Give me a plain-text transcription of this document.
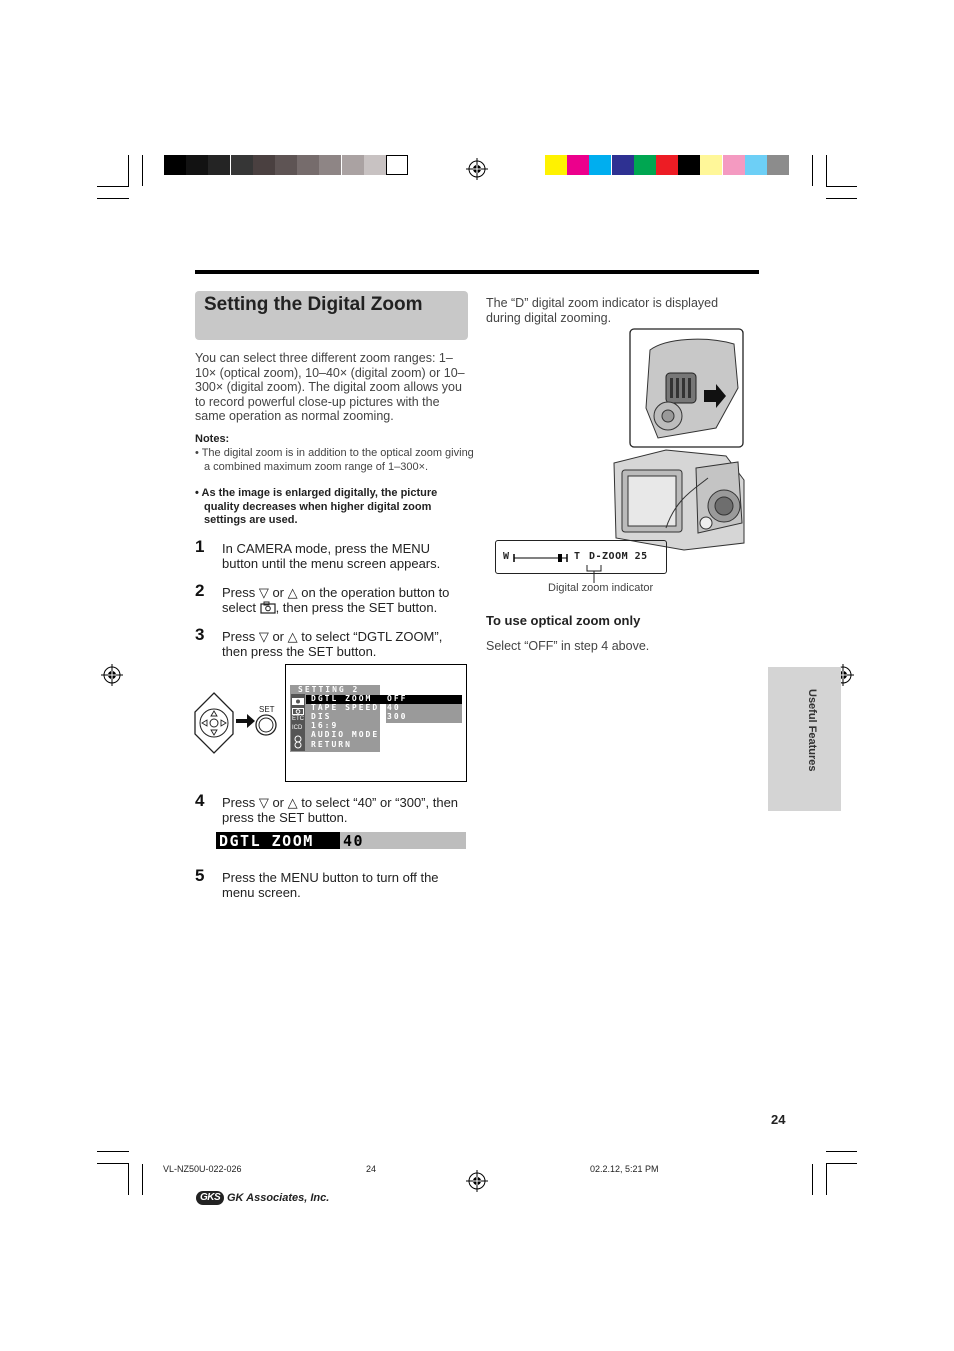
Setting the Digital Zoom
You can select three different zoom ranges: 1–10× (optical zoom), 10–40× (digital zoom) or 10–300× (digital zoom). The digital zoom allows you to record powerful close-up pictures with the same operation as normal zooming.
Notes:
• The digital zoom is in addition to the optical zoom giving a combined maximum zoom range of 1–300×.
• As the image is enlarged digitally, the picture quality decreases when higher digital zoom settings are used.
1 In CAMERA mode, press the MENU button until the menu screen appears.
2 Press ▽ or △ on the operation button to select , then press the SET button.
3 Press ▽ or △ to select “DGTL ZOOM”, then press the SET button.
SET
SETTING 2
ETC
ICD
DGTL ZOOM
TAPE SPEED
DIS
16:9
AUDIO MODE
RETURN
OFF
40
300
4 Press ▽ or △ to select “40” or “300”, then press the SET button.
DGTL ZOOM 40
5 Press the MENU button to turn off the menu screen.
The “D” digital zoom indicator is displayed during digital zooming.
W	T D-ZOOM 25
Digital zoom indicator
To use optical zoom only
Select “OFF” in step 4 above.
Useful Features
24
VL-NZ50U-022-026	24	02.2.12, 5:21 PM
GKS GK Associates, Inc.
